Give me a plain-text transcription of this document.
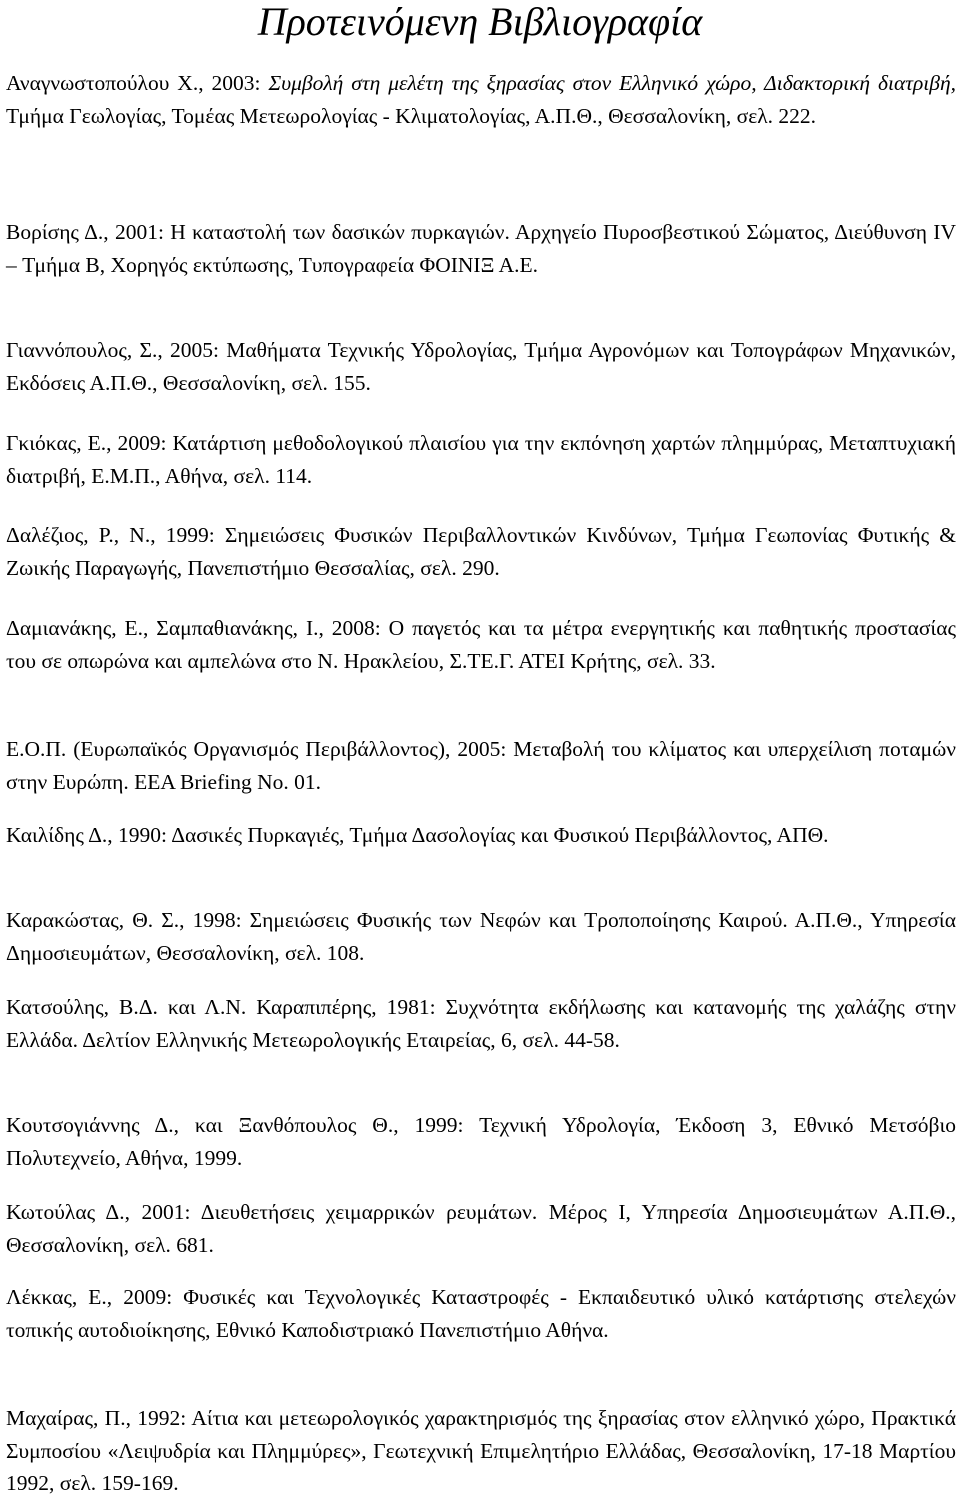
Προτεινόμενη Βιβλιογραφία

Αναγνωστοπούλου Χ., 2003: Συμβολή στη μελέτη της ξηρασίας στον Ελληνικό χώρο, Διδακτορική διατριβή, Τμήμα Γεωλογίας, Τομέας Μετεωρολογίας - Κλιματολογίας, Α.Π.Θ., Θεσσαλονίκη, σελ. 222.

Βορίσης Δ., 2001: Η καταστολή των δασικών πυρκαγιών. Αρχηγείο Πυροσβεστικού Σώματος, Διεύθυνση IV – Τμήμα Β, Χορηγός εκτύπωσης, Τυπογραφεία ΦΟΙΝΙΞ Α.Ε.

Γιαννόπουλος, Σ., 2005: Μαθήματα Τεχνικής Υδρολογίας, Τμήμα Αγρονόμων και Τοπογράφων Μηχανικών, Εκδόσεις Α.Π.Θ., Θεσσαλονίκη, σελ. 155.

Γκιόκας, Ε., 2009: Κατάρτιση μεθοδολογικού πλαισίου για την εκπόνηση χαρτών πλημμύρας, Μεταπτυχιακή διατριβή, Ε.Μ.Π., Αθήνα, σελ. 114.

Δαλέζιος, Ρ., Ν., 1999: Σημειώσεις Φυσικών Περιβαλλοντικών Κινδύνων, Τμήμα Γεωπονίας Φυτικής & Ζωικής Παραγωγής, Πανεπιστήμιο Θεσσαλίας, σελ. 290.

Δαμιανάκης, Ε., Σαμπαθιανάκης, Ι., 2008: Ο παγετός και τα μέτρα ενεργητικής και παθητικής προστασίας του σε οπωρώνα και αμπελώνα στο Ν. Ηρακλείου, Σ.ΤΕ.Γ. ΑΤΕΙ Κρήτης, σελ. 33.

Ε.Ο.Π. (Ευρωπαϊκός Οργανισμός Περιβάλλοντος), 2005: Μεταβολή του κλίματος και υπερχείλιση ποταμών στην Ευρώπη. EEA Briefing No. 01.

Καιλίδης Δ., 1990: Δασικές Πυρκαγιές, Τμήμα Δασολογίας και Φυσικού Περιβάλλοντος, ΑΠΘ.

Καρακώστας, Θ. Σ., 1998: Σημειώσεις Φυσικής των Νεφών και Τροποποίησης Καιρού. Α.Π.Θ., Υπηρεσία Δημοσιευμάτων, Θεσσαλονίκη, σελ. 108.

Κατσούλης, Β.Δ. και Λ.Ν. Καραπιπέρης, 1981: Συχνότητα εκδήλωσης και κατανομής της χαλάζης στην Ελλάδα. Δελτίον Ελληνικής Μετεωρολογικής Εταιρείας, 6, σελ. 44-58.

Κουτσογιάννης Δ., και Ξανθόπουλος Θ., 1999: Τεχνική Υδρολογία, Έκδοση 3, Εθνικό Μετσόβιο Πολυτεχνείο, Αθήνα, 1999.

Κωτούλας Δ., 2001: Διευθετήσεις χειμαρρικών ρευμάτων. Μέρος Ι, Υπηρεσία Δημοσιευμάτων Α.Π.Θ., Θεσσαλονίκη, σελ. 681.

Λέκκας, Ε., 2009: Φυσικές και Τεχνολογικές Καταστροφές - Εκπαιδευτικό υλικό κατάρτισης στελεχών τοπικής αυτοδιοίκησης, Εθνικό Καποδιστριακό Πανεπιστήμιο Αθήνα.

Μαχαίρας, Π., 1992: Αίτια και μετεωρολογικός χαρακτηρισμός της ξηρασίας στον ελληνικό χώρο, Πρακτικά Συμποσίου «Λειψυδρία και Πλημμύρες», Γεωτεχνική Επιμελητήριο Ελλάδας, Θεσσαλονίκη, 17-18 Μαρτίου 1992, σελ. 159-169.
